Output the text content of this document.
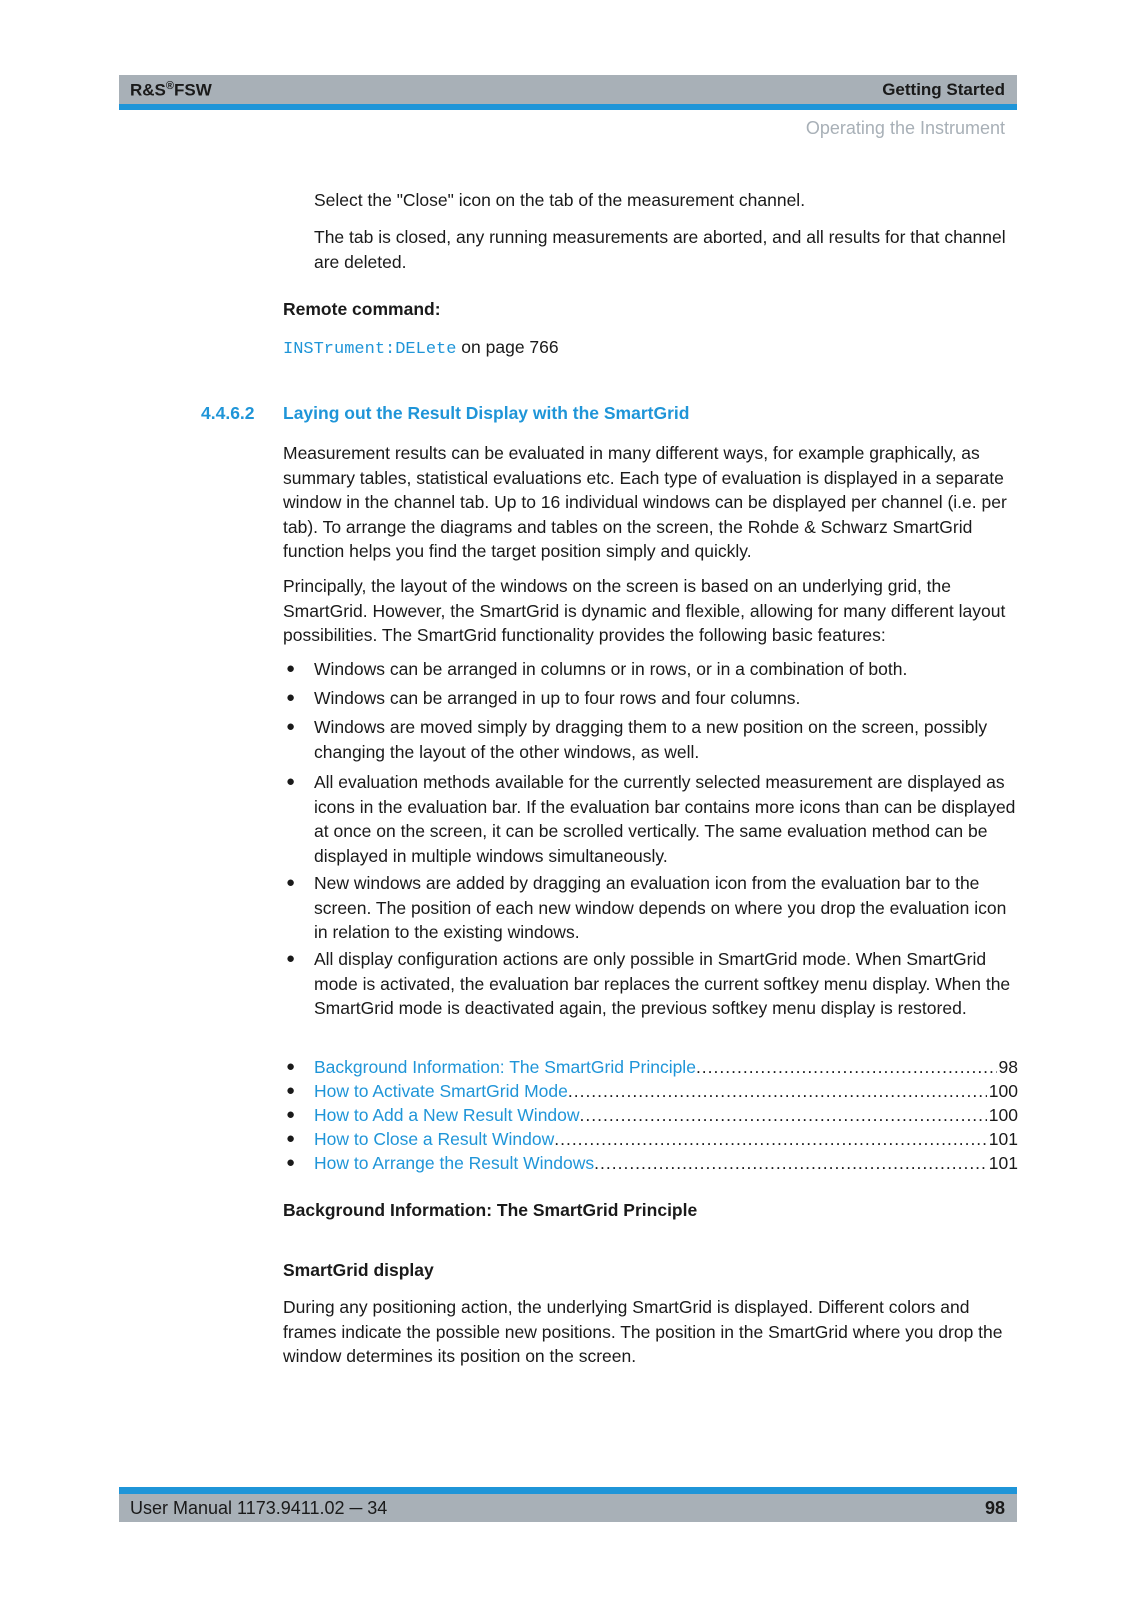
R&S®FSW	Getting Started
Operating the Instrument
Select the "Close" icon on the tab of the measurement channel.
The tab is closed, any running measurements are aborted, and all results for that channel are deleted.
Remote command:
INSTrument:DELete on page 766
4.4.6.2 Laying out the Result Display with the SmartGrid
Measurement results can be evaluated in many different ways, for example graphically, as summary tables, statistical evaluations etc. Each type of evaluation is displayed in a separate window in the channel tab. Up to 16 individual windows can be displayed per channel (i.e. per tab). To arrange the diagrams and tables on the screen, the Rohde & Schwarz SmartGrid function helps you find the target position simply and quickly.
Principally, the layout of the windows on the screen is based on an underlying grid, the SmartGrid. However, the SmartGrid is dynamic and flexible, allowing for many different layout possibilities. The SmartGrid functionality provides the following basic features:
● Windows can be arranged in columns or in rows, or in a combination of both.
● Windows can be arranged in up to four rows and four columns.
● Windows are moved simply by dragging them to a new position on the screen, possibly changing the layout of the other windows, as well.
● All evaluation methods available for the currently selected measurement are displayed as icons in the evaluation bar. If the evaluation bar contains more icons than can be displayed at once on the screen, it can be scrolled vertically. The same evaluation method can be displayed in multiple windows simultaneously.
● New windows are added by dragging an evaluation icon from the evaluation bar to the screen. The position of each new window depends on where you drop the evaluation icon in relation to the existing windows.
● All display configuration actions are only possible in SmartGrid mode. When SmartGrid mode is activated, the evaluation bar replaces the current softkey menu display. When the SmartGrid mode is deactivated again, the previous softkey menu display is restored.
● Background Information: The SmartGrid Principle .....	98
● How to Activate SmartGrid Mode .....	100
● How to Add a New Result Window .....	100
● How to Close a Result Window .....	101
● How to Arrange the Result Windows .....	101
Background Information: The SmartGrid Principle
SmartGrid display
During any positioning action, the underlying SmartGrid is displayed. Different colors and frames indicate the possible new positions. The position in the SmartGrid where you drop the window determines its position on the screen.
User Manual 1173.9411.02 ─ 34	98
